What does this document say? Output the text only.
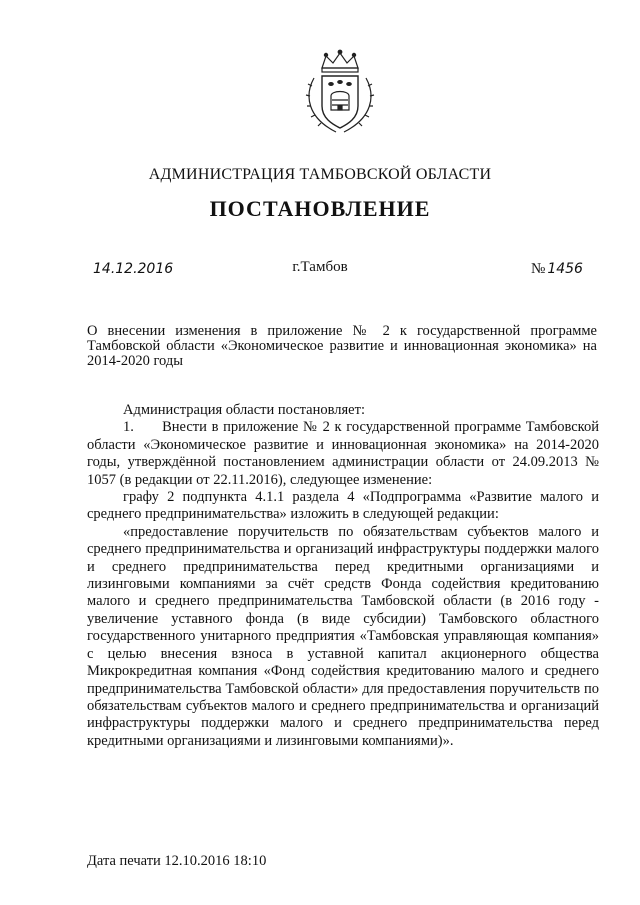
АДМИНИСТРАЦИЯ ТАМБОВСКОЙ ОБЛАСТИ
ПОСТАНОВЛЕНИЕ
14.12.2016	г.Тамбов	№ 1456
О внесении изменения в приложение № 2 к государственной программе Тамбовской области «Экономическое развитие и инновационная экономика» на 2014-2020 годы

Администрация области постановляет:

1.      Внести в приложение № 2 к государственной программе Тамбовской области «Экономическое развитие и инновационная экономика» на 2014-2020 годы, утверждённой постановлением администрации области от 24.09.2013 № 1057 (в редакции от 22.11.2016), следующее изменение:

графу 2 подпункта 4.1.1 раздела 4 «Подпрограмма «Развитие малого и среднего предпринимательства» изложить в следующей редакции:

«предоставление поручительств по обязательствам субъектов малого и среднего предпринимательства и организаций инфраструктуры поддержки малого и среднего предпринимательства перед кредитными организациями и лизинговыми компаниями за счёт средств Фонда содействия кредитованию малого и среднего предпринимательства Тамбовской области (в 2016 году - увеличение уставного фонда (в виде субсидии) Тамбовского областного государственного унитарного предприятия «Тамбовская управляющая компания» с целью внесения взноса в уставной капитал акционерного общества Микрокредитная компания «Фонд содействия кредитованию малого и среднего предпринимательства Тамбовской области» для предоставления поручительств по обязательствам субъектов малого и среднего предпринимательства и организаций инфраструктуры поддержки малого и среднего предпринимательства перед кредитными организациями и лизинговыми компаниями)».

Дата печати 12.10.2016 18:10
